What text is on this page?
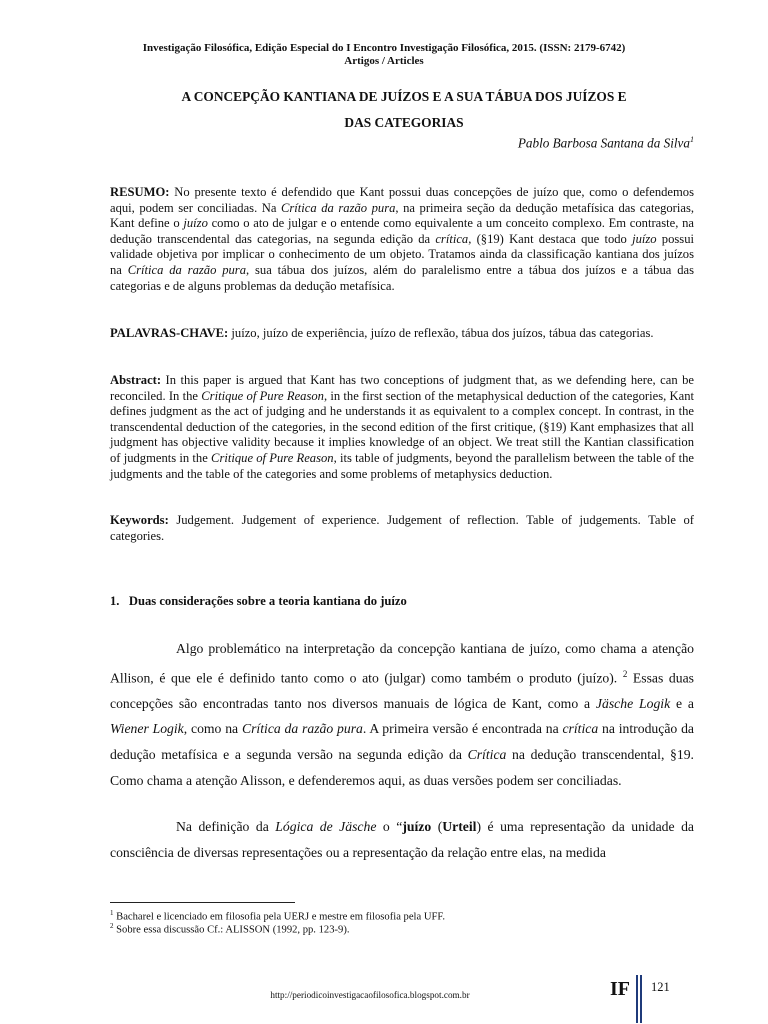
Investigação Filosófica, Edição Especial do I Encontro Investigação Filosófica, 2015. (ISSN: 2179-6742)
Artigos / Articles
A CONCEPÇÃO KANTIANA DE JUÍZOS E A SUA TÁBUA DOS JUÍZOS E
DAS CATEGORIAS
Pablo Barbosa Santana da Silva$^1$
RESUMO: No presente texto é defendido que Kant possui duas concepções de juízo que, como o defendemos aqui, podem ser conciliadas. Na Crítica da razão pura, na primeira seção da dedução metafísica das categorias, Kant define o juízo como o ato de julgar e o entende como equivalente a um conceito complexo. Em contraste, na dedução transcendental das categorias, na segunda edição da crítica, (§19) Kant destaca que todo juízo possui validade objetiva por implicar o conhecimento de um objeto. Tratamos ainda da classificação kantiana dos juízos na Crítica da razão pura, sua tábua dos juízos, além do paralelismo entre a tábua dos juízos e a tábua das categorias e de alguns problemas da dedução metafísica.
PALAVRAS-CHAVE: juízo, juízo de experiência, juízo de reflexão, tábua dos juízos, tábua das categorias.
Abstract: In this paper is argued that Kant has two conceptions of judgment that, as we defending here, can be reconciled. In the Critique of Pure Reason, in the first section of the metaphysical deduction of the categories, Kant defines judgment as the act of judging and he understands it as equivalent to a complex concept. In contrast, in the transcendental deduction of the categories, in the second edition of the first critique, (§19) Kant emphasizes that all judgment has objective validity because it implies knowledge of an object. We treat still the Kantian classification of judgments in the Critique of Pure Reason, its table of judgments, beyond the parallelism between the table of the judgments and the table of the categories and some problems of metaphysics deduction.
Keywords: Judgement. Judgement of experience. Judgement of reflection. Table of judgements. Table of categories.
1.   Duas considerações sobre a teoria kantiana do juízo
Algo problemático na interpretação da concepção kantiana de juízo, como chama a atenção Allison, é que ele é definido tanto como o ato (julgar) como também o produto (juízo). $^2$ Essas duas concepções são encontradas tanto nos diversos manuais de lógica de Kant, como a Jäsche Logik e a Wiener Logik, como na Crítica da razão pura. A primeira versão é encontrada na crítica na introdução da dedução metafísica e a segunda versão na segunda edição da Crítica na dedução transcendental, §19. Como chama a atenção Alisson, e defenderemos aqui, as duas versões podem ser conciliadas.
Na definição da Lógica de Jäsche o “juízo (Urteil) é uma representação da unidade da consciência de diversas representações ou a representação da relação entre elas, na medida
$^1$ Bacharel e licenciado em filosofia pela UERJ e mestre em filosofia pela UFF.
$^2$ Sobre essa discussão Cf.: ALISSON (1992, pp. 123-9).
http://periodicoinvestigacaofilosofica.blogspot.com.br	IF 121
